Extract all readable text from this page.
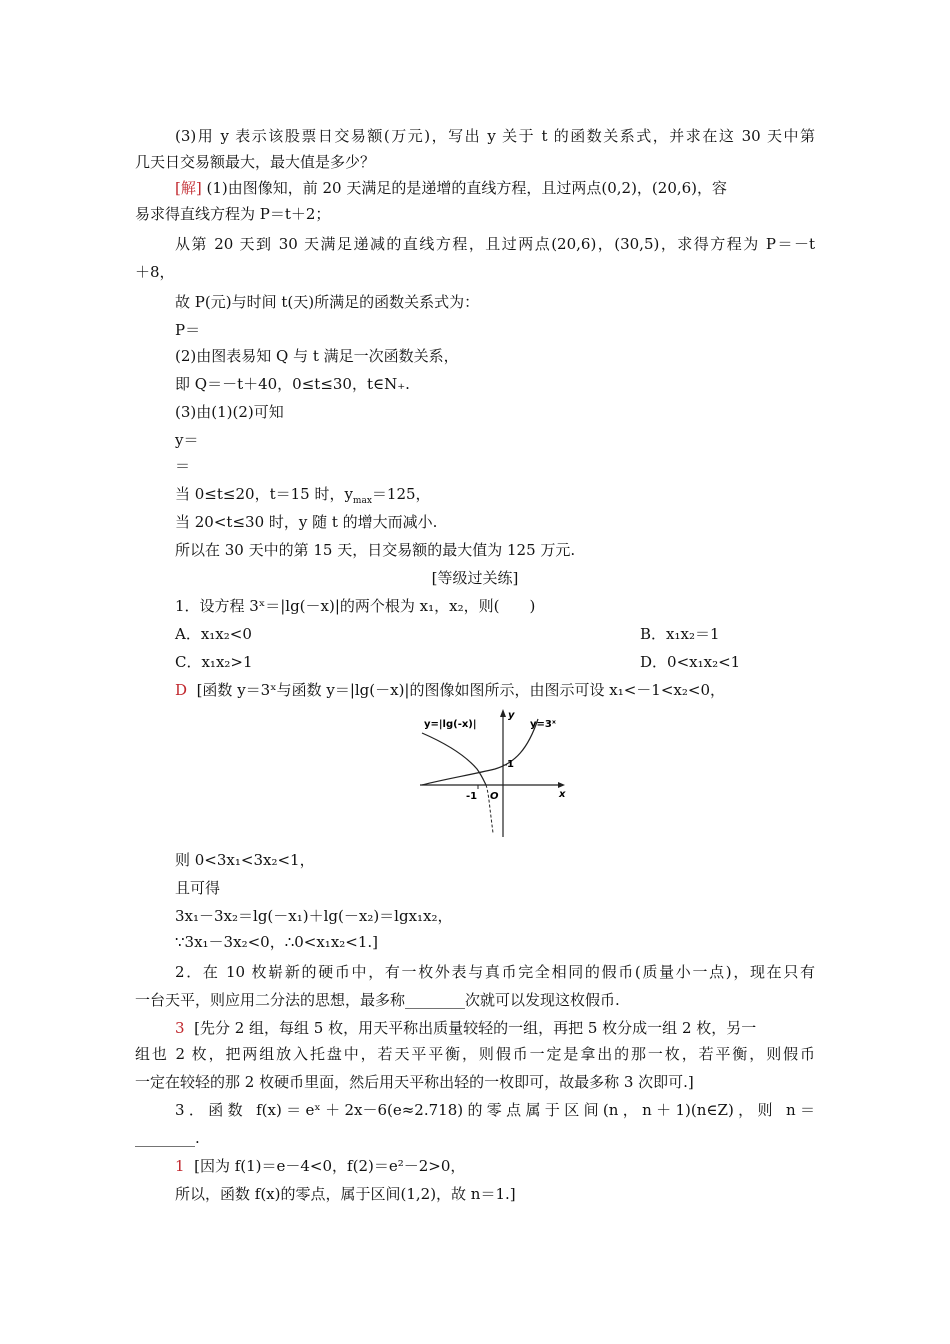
(3)用 y 表示该股票日交易额(万元)，写出 y 关于 t 的函数关系式，并求在这 30 天中第
几天日交易额最大，最大值是多少？
[解] (1)由图像知，前 20 天满足的是递增的直线方程，且过两点(0,2)，(20,6)，容
易求得直线方程为 P＝t＋2；
从第 20 天到 30 天满足递减的直线方程，且过两点(20,6)，(30,5)，求得方程为 P＝－t
＋8，
故 P(元)与时间 t(天)所满足的函数关系式为：
P＝
(2)由图表易知 Q 与 t 满足一次函数关系，
即 Q＝－t＋40，0≤t≤30，t∈N₊.
(3)由(1)(2)可知
y＝
＝
当 0≤t≤20，t＝15 时，$y_{max}=125$，
当 20<t≤30 时，y 随 t 的增大而减小.
所以在 30 天中的第 15 天，日交易额的最大值为 125 万元.
[等级过关练]
1．设方程 3ˣ＝|lg(－x)|的两个根为 x₁，x₂，则(　　)
A．x₁x₂<0	B．x₁x₂＝1
C．x₁x₂>1	D．0<x₁x₂<1
D [函数 y＝3ˣ与函数 y＝|lg(－x)|的图像如图所示，由图示可设 x₁<－1<x₂<0，
y=|lg(-x)|	y=3ˣ
y
x
1
-1 O
则 0<3x₁<3x₂<1，
且可得
3x₁－3x₂＝lg(－x₁)＋lg(－x₂)＝lgx₁x₂，
∵3x₁－3x₂<0，∴0<x₁x₂<1.]
2．在 10 枚崭新的硬币中，有一枚外表与真币完全相同的假币(质量小一点)，现在只有
一台天平，则应用二分法的思想，最多称________次就可以发现这枚假币.
3 [先分 2 组，每组 5 枚，用天平称出质量较轻的一组，再把 5 枚分成一组 2 枚，另一
组也 2 枚，把两组放入托盘中，若天平平衡，则假币一定是拿出的那一枚，若平衡，则假币
一定在较轻的那 2 枚硬币里面，然后用天平称出轻的一枚即可，故最多称 3 次即可.]
3．函数 f(x)＝eˣ＋2x－6(e≈2.718)的零点属于区间(n，n＋1)(n∈Z)，则 n＝
________.
1 [因为 f(1)＝e－4<0，f(2)＝e²－2>0，
所以，函数 f(x)的零点，属于区间(1,2)，故 n＝1.]
